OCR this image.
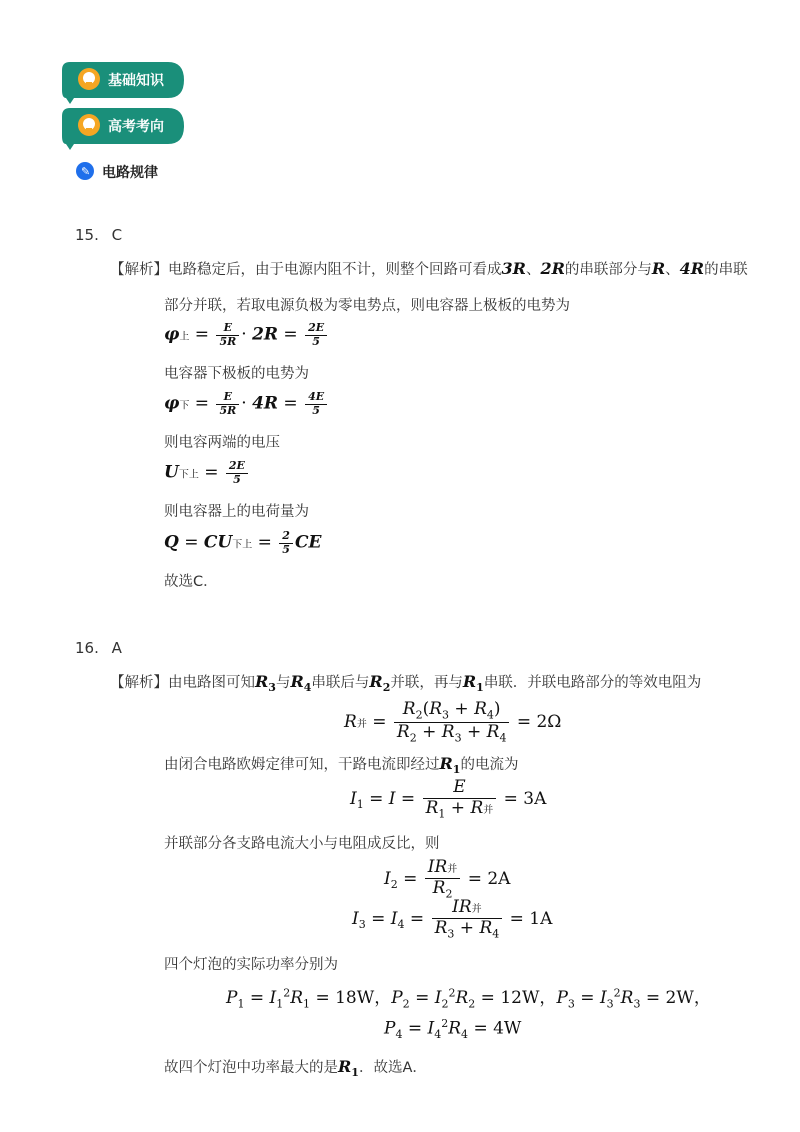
基础知识
高考考向
✎ 电路规律
15. C
【解析】电路稳定后，由于电源内阻不计，则整个回路可看成3R、2R的串联部分与R、4R的串联
部分并联，若取电源负极为零电势点，则电容器上极板的电势为
φ上 = $\frac{E}{5R} \cdot 2R = \frac{2E}{5}$
电容器下极板的电势为
φ下 = $\frac{E}{5R} \cdot 4R = \frac{4E}{5}$
则电容两端的电压
U下上 = $\frac{2E}{5}$
则电容器上的电荷量为
Q = CU下上 = $\frac{2}{5}$ CE
故选C．
16. A
【解析】由电路图可知$R_3$与$R_4$串联后与$R_2$并联，再与$R_1$串联．并联电路部分的等效电阻为
R并 = $\frac{R_2(R_3 + R_4)}{R_2 + R_3 + R_4} = 2\Omega$
由闭合电路欧姆定律可知，干路电流即经过$R_1$的电流为
$I_1 = I = \frac{E}{R_1 + R并} = 3A$
并联部分各支路电流大小与电阻成反比，则
$I_2 = \frac{\text{IR并}}{R_2} = 2A$
$I_3 = I_4 = \frac{\text{IR并}}{R_3 + R_4} = 1A$
四个灯泡的实际功率分别为
$P_1 = I_1^2R_1 = 18W$，$P_2 = I_2^2R_2 = 12W$，$P_3 = I_3^2R_3 = 2W$，
$P_4 = I_4^2R_4 = 4W$
故四个灯泡中功率最大的是$R_1$．故选A．
